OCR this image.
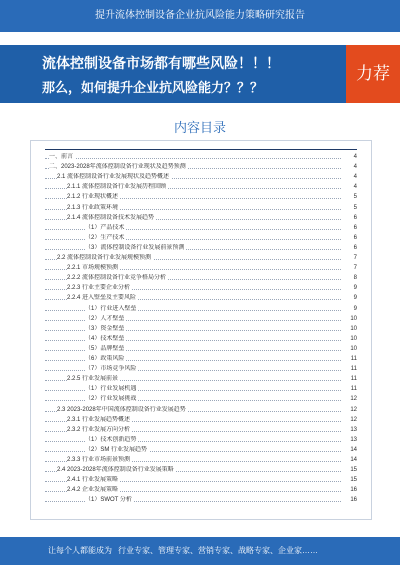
提升流体控制设备企业抗风险能力策略研究报告
流体控制设备市场都有哪些风险！！！
那么，如何提升企业抗风险能力？？？
力荐
内容目录
一、前言	4
二、2023-2028年流体控制设备行业现状及趋势预测	4
2.1 流体控制设备行业发展现状及趋势概述	4
2.1.1 流体控制设备行业发展历程回顾	4
2.1.2 行业现状概述	5
2.1.3 行业政策环境	5
2.1.4 流体控制设备技术发展趋势	6
（1）产品技术	6
（2）生产技术	6
（3）流体控制设备行业发展前景预测	6
2.2 流体控制设备行业发展规模预测	7
2.2.1 市场规模预测	7
2.2.2 流体控制设备行业竞争格局分析	8
2.2.3 行业主要企业分析	9
2.2.4 进入壁垒及主要风险	9
（1）行业进入壁垒	9
（2）人才壁垒	10
（3）资金壁垒	10
（4）技术壁垒	10
（5）品牌壁垒	10
（6）政策风险	11
（7）市场竞争风险	11
2.2.5 行业发展前景	11
（1）行业发展机遇	11
（2）行业发展挑战	12
2.3 2023-2028年中国流体控制设备行业发展趋势	12
2.3.1 行业发展趋势概述	12
2.3.2 行业发展方向分析	13
（1）技术创新趋势	13
（2）SM 行业发展趋势	14
2.3.3 行业市场前景预测	14
2.4 2023-2028年流体控制设备行业发展策略	15
2.4.1 行业发展策略	15
2.4.2 企业发展策略	16
（1）SWOT 分析	16
让每个人都能成为 行业专家、管理专家、营销专家、战略专家、企业家……
